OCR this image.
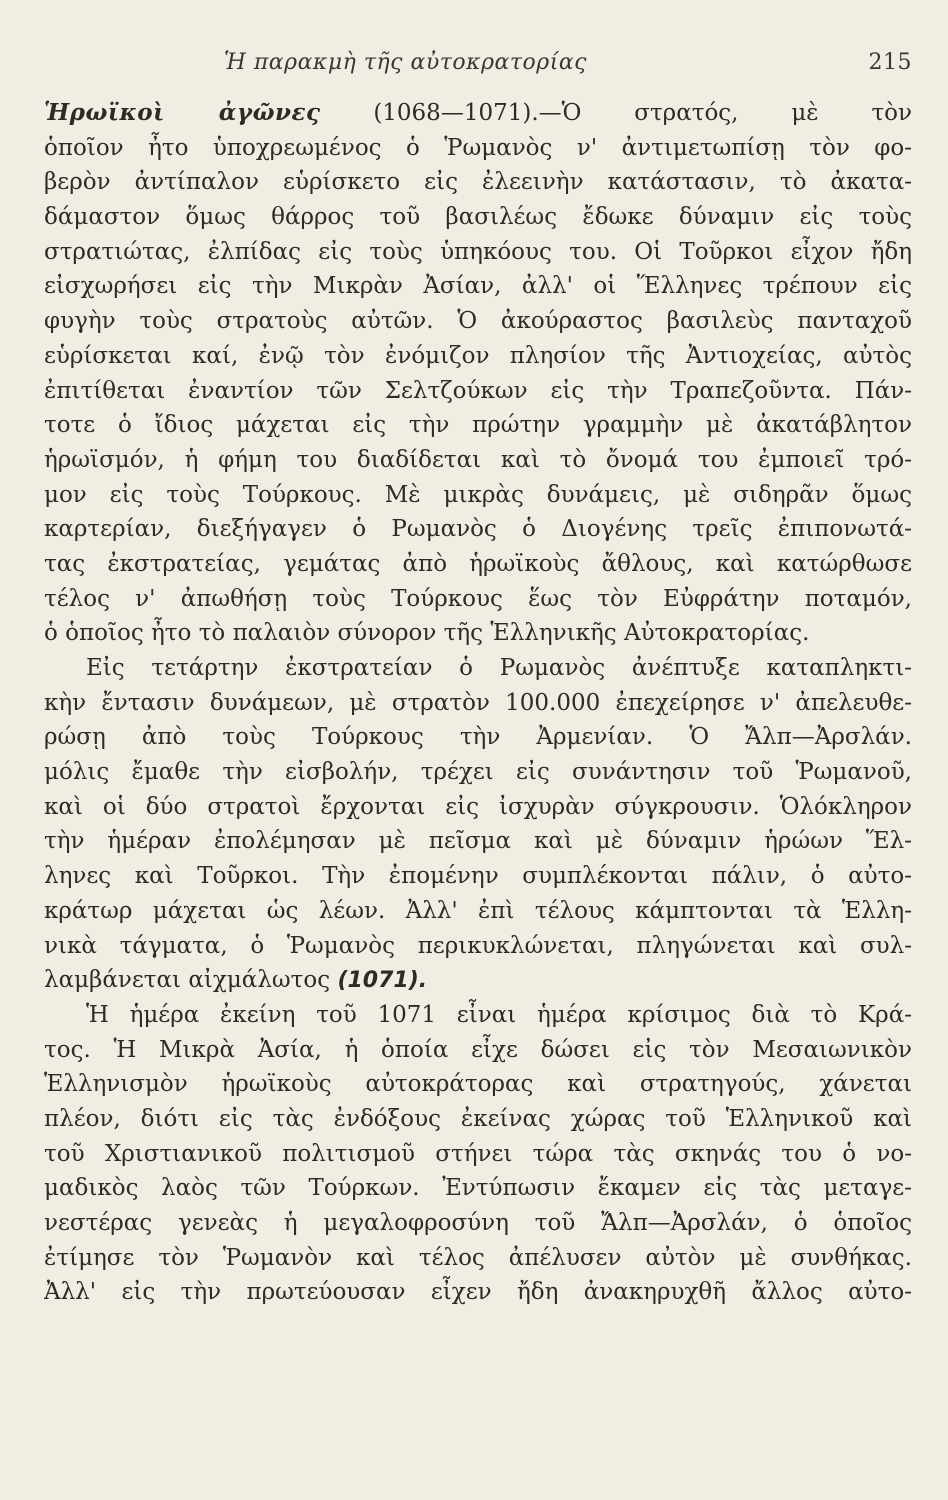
Ἡ παρακμὴ τῆς αὐτοκρατορίας	215
Ἡρωϊκοὶ ἀγῶνες (1068—1071).—Ὁ στρατός, μὲ τὸν
ὁποῖον ἦτο ὑποχρεωμένος ὁ Ῥωμανὸς ν' ἀντιμετωπίσῃ τὸν φο-
βερὸν ἀντίπαλον εὑρίσκετο εἰς ἐλεεινὴν κατάστασιν, τὸ ἀκατα-
δάμαστον ὅμως θάρρος τοῦ βασιλέως ἔδωκε δύναμιν εἰς τοὺς
στρατιώτας, ἐλπίδας εἰς τοὺς ὑπηκόους του. Οἱ Τοῦρκοι εἶχον ἤδη
εἰσχωρήσει εἰς τὴν Μικρὰν Ἀσίαν, ἀλλ' οἱ Ἕλληνες τρέπουν εἰς
φυγὴν τοὺς στρατοὺς αὐτῶν. Ὁ ἀκούραστος βασιλεὺς πανταχοῦ
εὑρίσκεται καί, ἐνῷ τὸν ἐνόμιζον πλησίον τῆς Ἀντιοχείας, αὐτὸς
ἐπιτίθεται ἐναντίον τῶν Σελτζούκων εἰς τὴν Τραπεζοῦντα. Πάν-
τοτε ὁ ἴδιος μάχεται εἰς τὴν πρώτην γραμμὴν μὲ ἀκατάβλητον
ἡρωϊσμόν, ἡ φήμη του διαδίδεται καὶ τὸ ὄνομά του ἐμποιεῖ τρό-
μον εἰς τοὺς Τούρκους. Μὲ μικρὰς δυνάμεις, μὲ σιδηρᾶν ὅμως
καρτερίαν, διεξήγαγεν ὁ Ρωμανὸς ὁ Διογένης τρεῖς ἐπιπονωτά-
τας ἐκστρατείας, γεμάτας ἀπὸ ἡρωϊκοὺς ἄθλους, καὶ κατώρθωσε
τέλος ν' ἀπωθήσῃ τοὺς Τούρκους ἕως τὸν Εὐφράτην ποταμόν,
ὁ ὁποῖος ἦτο τὸ παλαιὸν σύνορον τῆς Ἑλληνικῆς Αὐτοκρατορίας.
Εἰς τετάρτην ἐκστρατείαν ὁ Ρωμανὸς ἀνέπτυξε καταπληκτι-
κὴν ἔντασιν δυνάμεων, μὲ στρατὸν 100.000 ἐπεχείρησε ν' ἀπελευθε-
ρώσῃ ἀπὸ τοὺς Τούρκους τὴν Ἀρμενίαν. Ὁ Ἄλπ—Ἀρσλάν.
μόλις ἔμαθε τὴν εἰσβολήν, τρέχει εἰς συνάντησιν τοῦ Ῥωμανοῦ,
καὶ οἱ δύο στρατοὶ ἔρχονται εἰς ἰσχυρὰν σύγκρουσιν. Ὁλόκληρον
τὴν ἡμέραν ἐπολέμησαν μὲ πεῖσμα καὶ μὲ δύναμιν ἡρώων Ἕλ-
ληνες καὶ Τοῦρκοι. Τὴν ἐπομένην συμπλέκονται πάλιν, ὁ αὐτο-
κράτωρ μάχεται ὡς λέων. Ἀλλ' ἐπὶ τέλους κάμπτονται τὰ Ἑλλη-
νικὰ τάγματα, ὁ Ῥωμανὸς περικυκλώνεται, πληγώνεται καὶ συλ-
λαμβάνεται αἰχμάλωτος (1071).
Ἡ ἡμέρα ἐκείνη τοῦ 1071 εἶναι ἡμέρα κρίσιμος διὰ τὸ Κρά-
τος. Ἡ Μικρὰ Ἀσία, ἡ ὁποία εἶχε δώσει εἰς τὸν Μεσαιωνικὸν
Ἑλληνισμὸν ἡρωϊκοὺς αὐτοκράτορας καὶ στρατηγούς, χάνεται
πλέον, διότι εἰς τὰς ἐνδόξους ἐκείνας χώρας τοῦ Ἑλληνικοῦ καὶ
τοῦ Χριστιανικοῦ πολιτισμοῦ στήνει τώρα τὰς σκηνάς του ὁ νο-
μαδικὸς λαὸς τῶν Τούρκων. Ἐντύπωσιν ἔκαμεν εἰς τὰς μεταγε-
νεστέρας γενεὰς ἡ μεγαλοφροσύνη τοῦ Ἄλπ—Ἀρσλάν, ὁ ὁποῖος
ἐτίμησε τὸν Ῥωμανὸν καὶ τέλος ἀπέλυσεν αὐτὸν μὲ συνθήκας.
Ἀλλ' εἰς τὴν πρωτεύουσαν εἶχεν ἤδη ἀνακηρυχθῆ ἄλλος αὐτο-
